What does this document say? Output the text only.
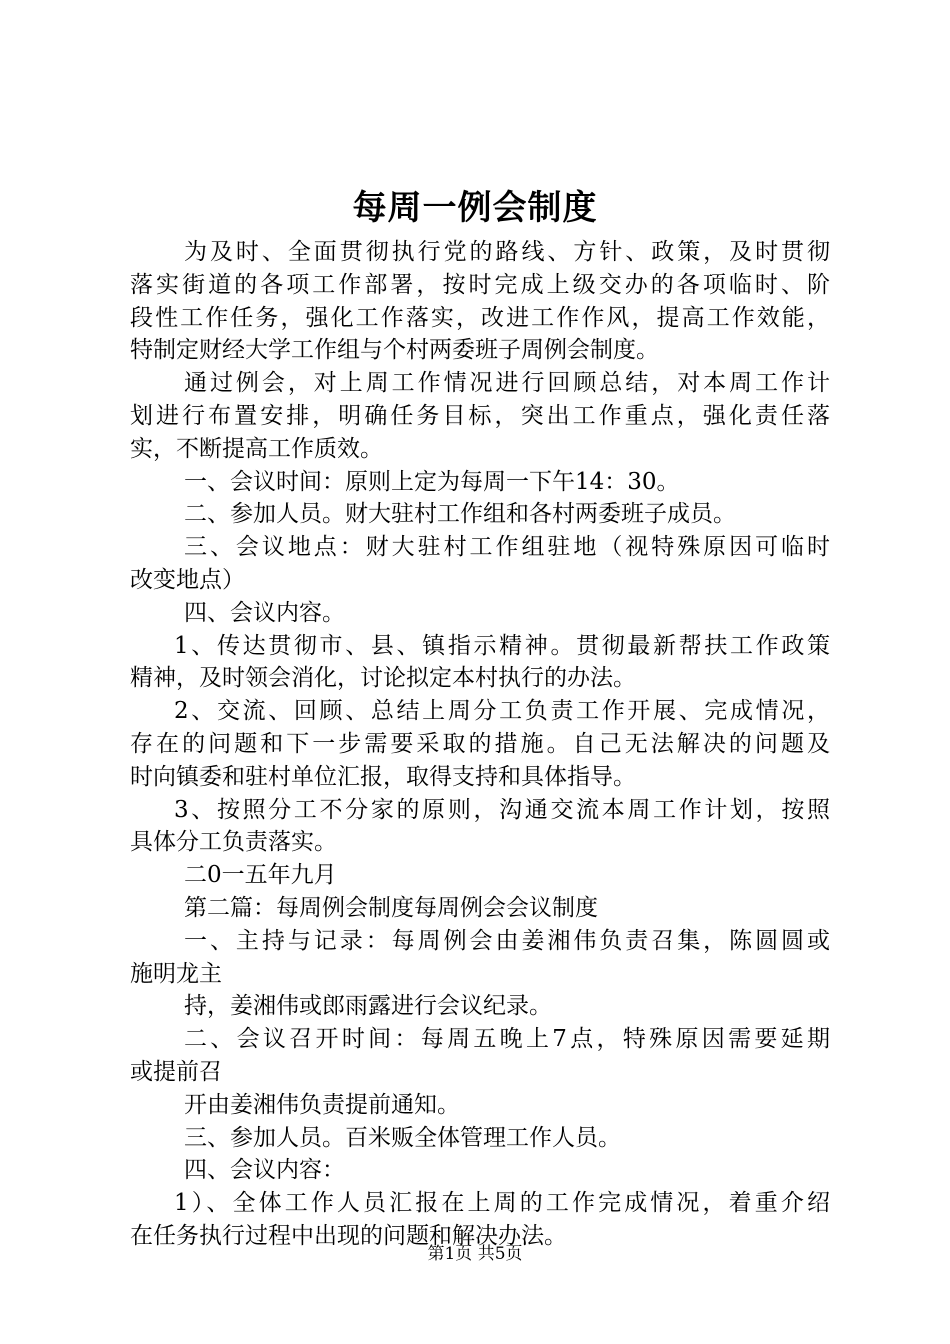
每周一例会制度
为及时、全面贯彻执行党的路线、方针、政策，及时贯彻
落实街道的各项工作部署，按时完成上级交办的各项临时、阶
段性工作任务，强化工作落实，改进工作作风，提高工作效能，
特制定财经大学工作组与个村两委班子周例会制度。
通过例会，对上周工作情况进行回顾总结，对本周工作计
划进行布置安排，明确任务目标，突出工作重点，强化责任落
实，不断提高工作质效。
一、会议时间：原则上定为每周一下午14：30。
二、参加人员。财大驻村工作组和各村两委班子成员。
三、会议地点：财大驻村工作组驻地（视特殊原因可临时
改变地点）
四、会议内容。
1、传达贯彻市、县、镇指示精神。贯彻最新帮扶工作政策
精神，及时领会消化，讨论拟定本村执行的办法。
2、交流、回顾、总结上周分工负责工作开展、完成情况，
存在的问题和下一步需要采取的措施。自己无法解决的问题及
时向镇委和驻村单位汇报，取得支持和具体指导。
3、按照分工不分家的原则，沟通交流本周工作计划，按照
具体分工负责落实。
二0一五年九月
第二篇：每周例会制度每周例会会议制度
一、主持与记录：每周例会由姜湘伟负责召集，陈圆圆或
施明龙主
持，姜湘伟或郎雨露进行会议纪录。
二、会议召开时间：每周五晚上7点，特殊原因需要延期
或提前召
开由姜湘伟负责提前通知。
三、参加人员。百米贩全体管理工作人员。
四、会议内容：
1）、全体工作人员汇报在上周的工作完成情况，着重介绍
在任务执行过程中出现的问题和解决办法。
第1页 共5页
